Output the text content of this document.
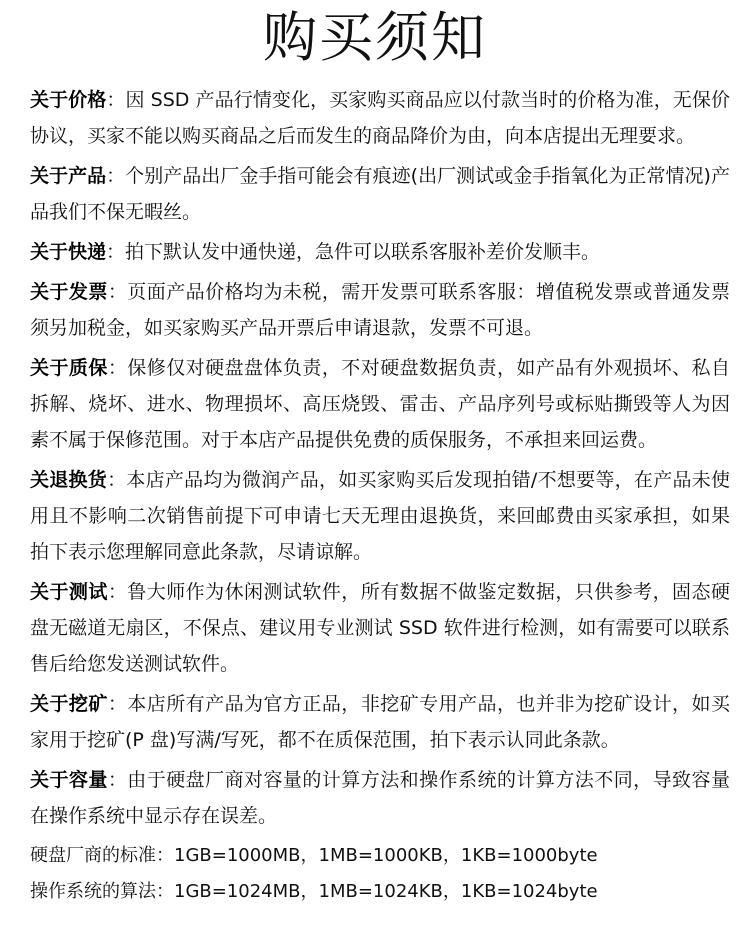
购买须知

关于价格：因 SSD 产品行情变化，买家购买商品应以付款当时的价格为准，无保价协议，买家不能以购买商品之后而发生的商品降价为由，向本店提出无理要求。

关于产品：个别产品出厂金手指可能会有痕迹(出厂测试或金手指氧化为正常情况)产品我们不保无暇丝。

关于快递：拍下默认发中通快递，急件可以联系客服补差价发顺丰。

关于发票：页面产品价格均为未税，需开发票可联系客服：增值税发票或普通发票须另加税金，如买家购买产品开票后申请退款，发票不可退。

关于质保：保修仅对硬盘盘体负责，不对硬盘数据负责，如产品有外观损坏、私自拆解、烧坏、进水、物理损坏、高压烧毁、雷击、产品序列号或标贴撕毁等人为因素不属于保修范围。对于本店产品提供免费的质保服务，不承担来回运费。

关退换货：本店产品均为微润产品，如买家购买后发现拍错/不想要等，在产品未使用且不影响二次销售前提下可申请七天无理由退换货，来回邮费由买家承担，如果拍下表示您理解同意此条款，尽请谅解。

关于测试：鲁大师作为休闲测试软件，所有数据不做鉴定数据，只供参考，固态硬盘无磁道无扇区，不保点、建议用专业测试 SSD 软件进行检测，如有需要可以联系售后给您发送测试软件。

关于挖矿：本店所有产品为官方正品，非挖矿专用产品，也并非为挖矿设计，如买家用于挖矿(P 盘)写满/写死，都不在质保范围，拍下表示认同此条款。

关于容量：由于硬盘厂商对容量的计算方法和操作系统的计算方法不同，导致容量在操作系统中显示存在误差。

硬盘厂商的标准：1GB=1000MB，1MB=1000KB，1KB=1000byte

操作系统的算法：1GB=1024MB，1MB=1024KB，1KB=1024byte
